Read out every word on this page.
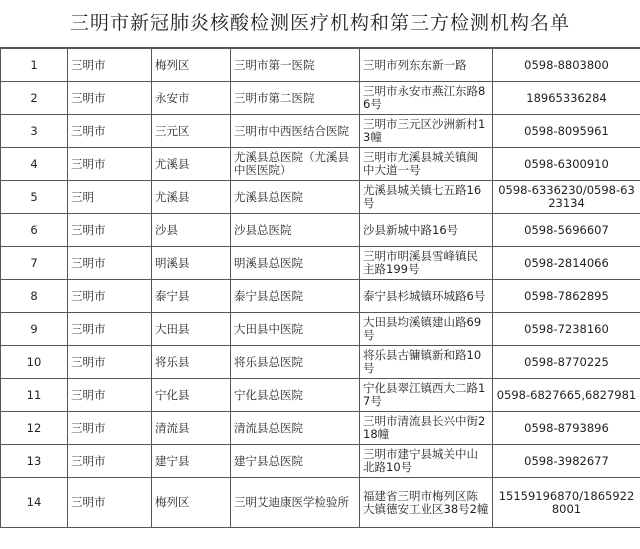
三明市新冠肺炎核酸检测医疗机构和第三方检测机构名单
1	三明市	梅列区	三明市第一医院	三明市列东东新一路	0598-8803800
2	三明市	永安市	三明市第二医院	三明市永安市燕江东路86号	18965336284
3	三明市	三元区	三明市中西医结合医院	三明市三元区沙洲新村13幢	0598-8095961
4	三明市	尤溪县	尤溪县总医院（尤溪县中医医院）	三明市尤溪县城关镇闽中大道一号	0598-6300910
5	三明	尤溪县	尤溪县总医院	尤溪县城关镇七五路16号	0598-6336230/0598-6323134
6	三明市	沙县	沙县总医院	沙县新城中路16号	0598-5696607
7	三明市	明溪县	明溪县总医院	三明市明溪县雪峰镇民主路199号	0598-2814066
8	三明市	泰宁县	泰宁县总医院	泰宁县杉城镇环城路6号	0598-7862895
9	三明市	大田县	大田县中医院	大田县均溪镇建山路69号	0598-7238160
10	三明市	将乐县	将乐县总医院	将乐县古镛镇新和路10号	0598-8770225
11	三明市	宁化县	宁化县总医院	宁化县翠江镇西大二路17号	0598-6827665,6827981
12	三明市	清流县	清流县总医院	三明市清流县长兴中街218幢	0598-8793896
13	三明市	建宁县	建宁县总医院	三明市建宁县城关中山北路10号	0598-3982677
14	三明市	梅列区	三明艾迪康医学检验所	福建省三明市梅列区陈大镇德安工业区38号2幢	15159196870/18659228001
